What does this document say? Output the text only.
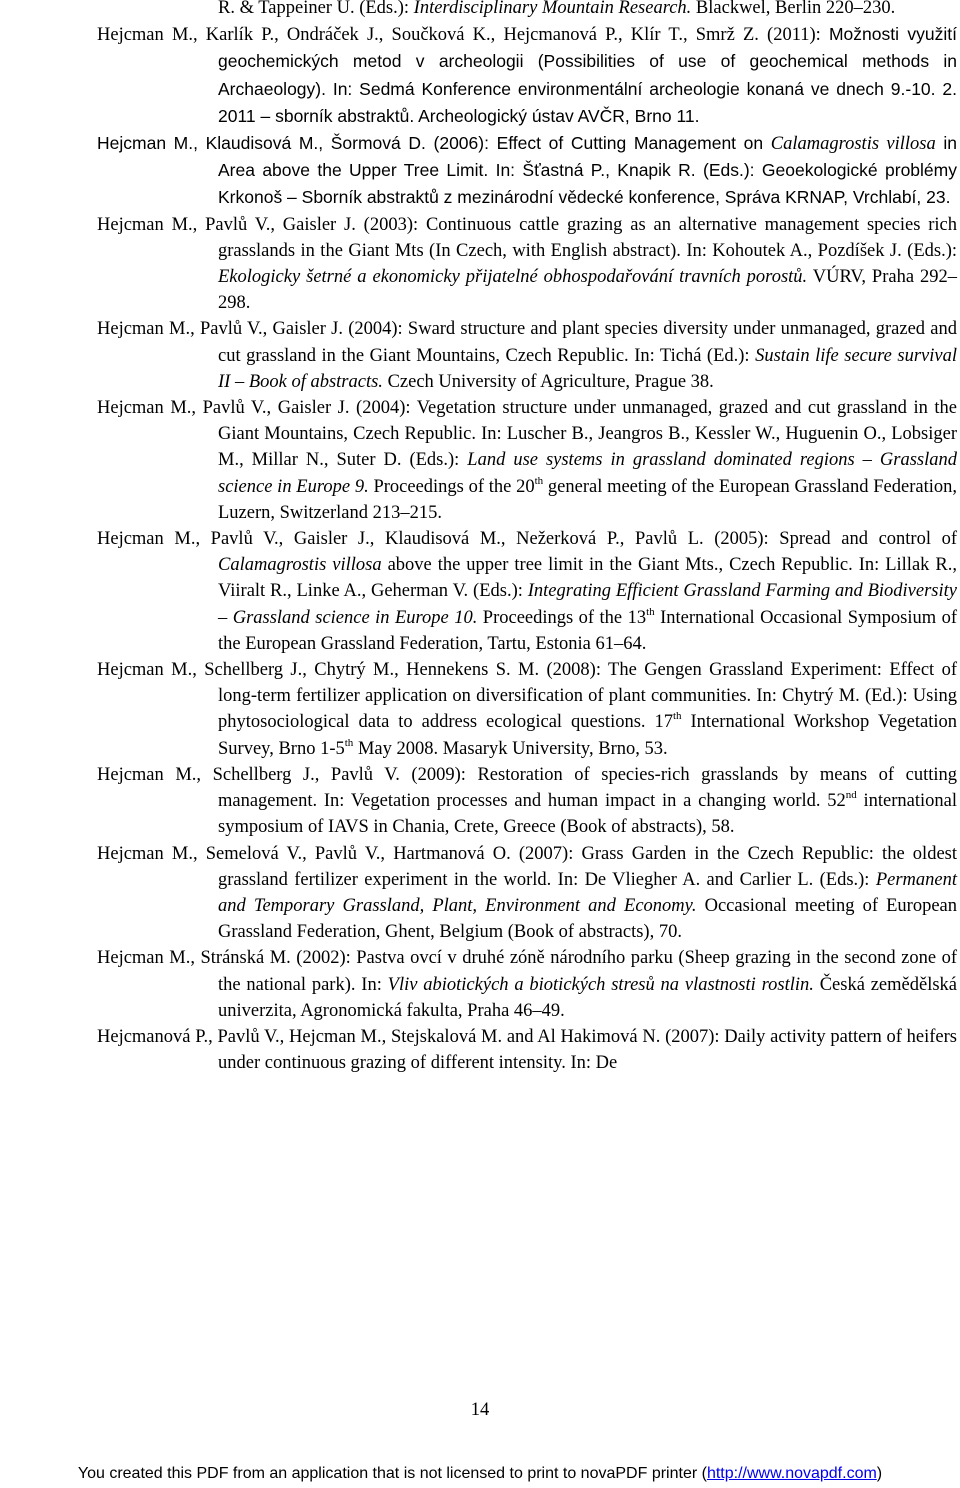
R. & Tappeiner U. (Eds.): Interdisciplinary Mountain Research. Blackwel, Berlin 220–230.
Hejcman M., Karlík P., Ondráček J., Součková K., Hejcmanová P., Klír T., Smrž Z. (2011): Možnosti využití geochemických metod v archeologii (Possibilities of use of geochemical methods in Archaeology). In: Sedmá Konference environmentální archeologie konaná ve dnech 9.-10. 2. 2011 – sborník abstraktů. Archeologický ústav AVČR, Brno 11.
Hejcman M., Klaudisová M., Šormová D. (2006): Effect of Cutting Management on Calamagrostis villosa in Area above the Upper Tree Limit. In: Šťastná P., Knapik R. (Eds.): Geoekologické problémy Krkonoš – Sborník abstraktů z mezinárodní vědecké konference, Správa KRNAP, Vrchlabí, 23.
Hejcman M., Pavlů V., Gaisler J. (2003): Continuous cattle grazing as an alternative management species rich grasslands in the Giant Mts (In Czech, with English abstract). In: Kohoutek A., Pozdíšek J. (Eds.): Ekologicky šetrné a ekonomicky přijatelné obhospodařování travních porostů. VÚRV, Praha 292–298.
Hejcman M., Pavlů V., Gaisler J. (2004): Sward structure and plant species diversity under unmanaged, grazed and cut grassland in the Giant Mountains, Czech Republic. In: Tichá (Ed.): Sustain life secure survival II – Book of abstracts. Czech University of Agriculture, Prague 38.
Hejcman M., Pavlů V., Gaisler J. (2004): Vegetation structure under unmanaged, grazed and cut grassland in the Giant Mountains, Czech Republic. In: Luscher B., Jeangros B., Kessler W., Huguenin O., Lobsiger M., Millar N., Suter D. (Eds.): Land use systems in grassland dominated regions – Grassland science in Europe 9. Proceedings of the 20th general meeting of the European Grassland Federation, Luzern, Switzerland 213–215.
Hejcman M., Pavlů V., Gaisler J., Klaudisová M., Nežerková P., Pavlů L. (2005): Spread and control of Calamagrostis villosa above the upper tree limit in the Giant Mts., Czech Republic. In: Lillak R., Viiralt R., Linke A., Geherman V. (Eds.): Integrating Efficient Grassland Farming and Biodiversity – Grassland science in Europe 10. Proceedings of the 13th International Occasional Symposium of the European Grassland Federation, Tartu, Estonia 61–64.
Hejcman M., Schellberg J., Chytrý M., Hennekens S. M. (2008): The Gengen Grassland Experiment: Effect of long-term fertilizer application on diversification of plant communities. In: Chytrý M. (Ed.): Using phytosociological data to address ecological questions. 17th International Workshop Vegetation Survey, Brno 1-5th May 2008. Masaryk University, Brno, 53.
Hejcman M., Schellberg J., Pavlů V. (2009): Restoration of species-rich grasslands by means of cutting management. In: Vegetation processes and human impact in a changing world. 52nd international symposium of IAVS in Chania, Crete, Greece (Book of abstracts), 58.
Hejcman M., Semelová V., Pavlů V., Hartmanová O. (2007): Grass Garden in the Czech Republic: the oldest grassland fertilizer experiment in the world. In: De Vliegher A. and Carlier L. (Eds.): Permanent and Temporary Grassland, Plant, Environment and Economy. Occasional meeting of European Grassland Federation, Ghent, Belgium (Book of abstracts), 70.
Hejcman M., Stránská M. (2002): Pastva ovcí v druhé zóně národního parku (Sheep grazing in the second zone of the national park). In: Vliv abiotických a biotických stresů na vlastnosti rostlin. Česká zemědělská univerzita, Agronomická fakulta, Praha 46–49.
Hejcmanová P., Pavlů V., Hejcman M., Stejskalová M. and Al Hakimová N. (2007): Daily activity pattern of heifers under continuous grazing of different intensity. In: De
14
You created this PDF from an application that is not licensed to print to novaPDF printer (http://www.novapdf.com)
